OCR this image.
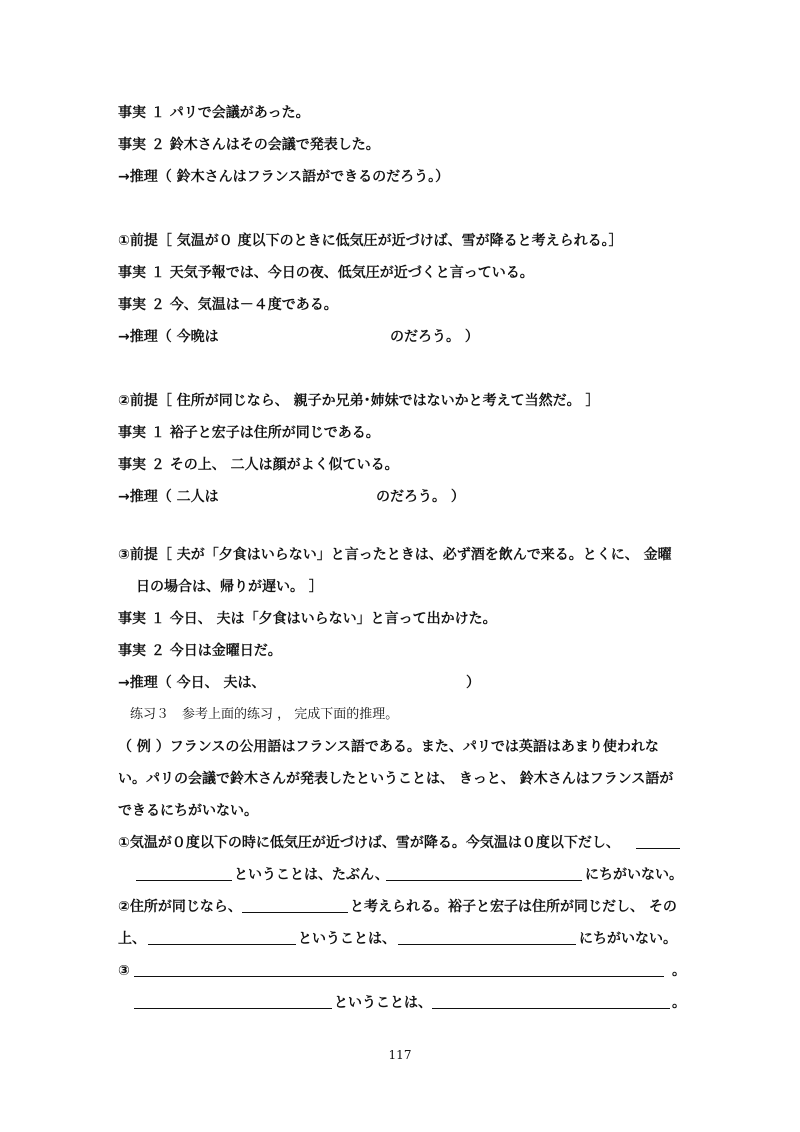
事実 １ パリで会議があった。

事実 ２ 鈴木さんはその会議で発表した。

→推理（ 鈴木さんはフランス語ができるのだろう。）

①前提［ 気温が０ 度以下のときに低気圧が近づけば、雪が降ると考えられる。］

事実 １ 天気予報では、今日の夜、低気圧が近づくと言っている。

事実 ２ 今、気温は－４度である。

→推理（ 今晩は	のだろう。 ）

②前提［ 住所が同じなら、 親子か兄弟･姉妹ではないかと考えて当然だ。 ］

事実 １ 裕子と宏子は住所が同じである。

事実 ２ その上、 二人は顔がよく似ている。

→推理（ 二人は	のだろう。 ）

③前提［ 夫が「夕食はいらない」と言ったときは、必ず酒を飲んで来る。とくに、 金曜

日の場合は、帰りが遅い。 ］

事実 １ 今日、 夫は「夕食はいらない」と言って出かけた。

事実 ２ 今日は金曜日だ。

→推理（ 今日、 夫は、	）

练习３　参考上面的练习 ， 完成下面的推理。

（ 例 ）フランスの公用語はフランス語である。また、パリでは英語はあまり使われな

い。パリの会議で鈴木さんが発表したということは、 きっと、 鈴木さんはフランス語が

できるにちがいない。

①気温が０度以下の時に低気圧が近づけば、雪が降る。今気温は０度以下だし、

ということは、たぶん、	にちがいない。

②住所が同じなら、	と考えられる。裕子と宏子は住所が同じだし、 その

上、	ということは、	にちがいない。

③	。

ということは、	。

117
